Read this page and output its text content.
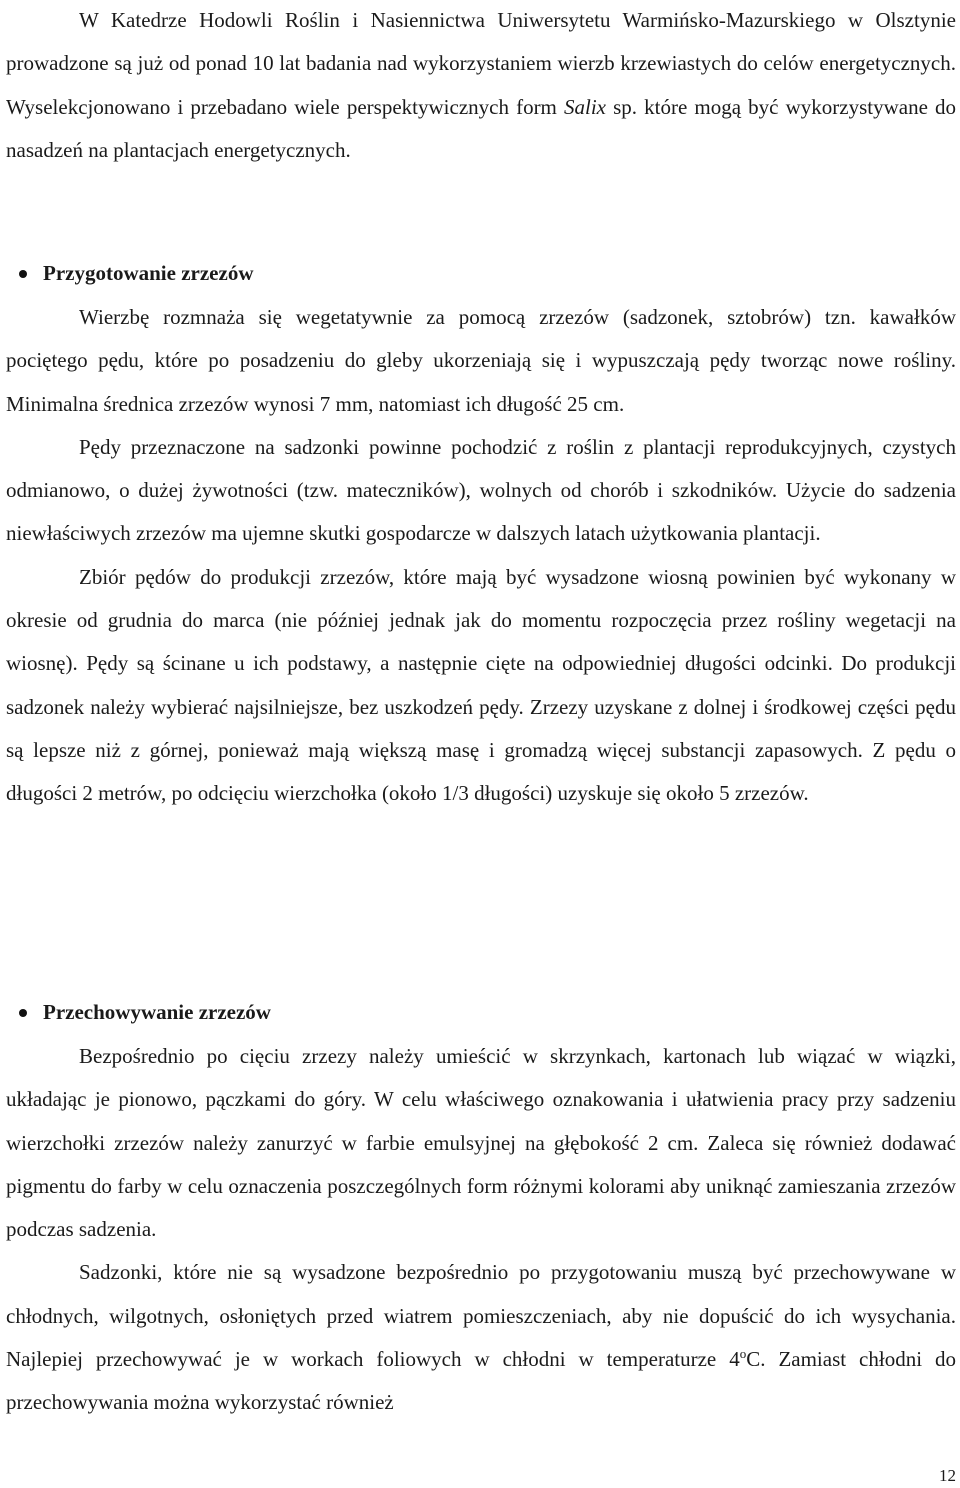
W Katedrze Hodowli Roślin i Nasiennictwa Uniwersytetu Warmińsko-Mazurskiego w Olsztynie prowadzone są już od ponad 10 lat badania nad wykorzystaniem wierzb krzewiastych do celów energetycznych. Wyselekcjonowano i przebadano wiele perspektywicznych form Salix sp. które mogą być wykorzystywane do nasadzeń na plantacjach energetycznych.

Przygotowanie zrzezów

Wierzbę rozmnaża się wegetatywnie za pomocą zrzezów (sadzonek, sztobrów) tzn. kawałków pociętego pędu, które po posadzeniu do gleby ukorzeniają się i wypuszczają pędy tworząc nowe rośliny. Minimalna średnica zrzezów wynosi 7 mm, natomiast ich długość 25 cm.

Pędy przeznaczone na sadzonki powinne pochodzić z roślin z plantacji reprodukcyjnych, czystych odmianowo, o dużej żywotności (tzw. mateczników), wolnych od chorób i szkodników. Użycie do sadzenia niewłaściwych zrzezów ma ujemne skutki gospodarcze w dalszych latach użytkowania plantacji.

Zbiór pędów do produkcji zrzezów, które mają być wysadzone wiosną powinien być wykonany w okresie od grudnia do marca (nie później jednak jak do momentu rozpoczęcia przez rośliny wegetacji na wiosnę). Pędy są ścinane u ich podstawy, a następnie cięte na odpowiedniej długości odcinki. Do produkcji sadzonek należy wybierać najsilniejsze, bez uszkodzeń pędy. Zrzezy uzyskane z dolnej i środkowej części pędu są lepsze niż z górnej, ponieważ mają większą masę i gromadzą więcej substancji zapasowych. Z pędu o długości 2 metrów, po odcięciu wierzchołka (około 1/3 długości) uzyskuje się około 5 zrzezów.

Przechowywanie zrzezów

Bezpośrednio po cięciu zrzezy należy umieścić w skrzynkach, kartonach lub wiązać w wiązki, układając je pionowo, pączkami do góry. W celu właściwego oznakowania i ułatwienia pracy przy sadzeniu wierzchołki zrzezów należy zanurzyć w farbie emulsyjnej na głębokość 2 cm. Zaleca się również dodawać pigmentu do farby w celu oznaczenia poszczególnych form różnymi kolorami aby uniknąć zamieszania zrzezów podczas sadzenia.

Sadzonki, które nie są wysadzone bezpośrednio po przygotowaniu muszą być przechowywane w chłodnych, wilgotnych, osłoniętych przed wiatrem pomieszczeniach, aby nie dopuścić do ich wysychania. Najlepiej przechowywać je w workach foliowych w chłodni w temperaturze 4$^o$C. Zamiast chłodni do przechowywania można wykorzystać również

12
